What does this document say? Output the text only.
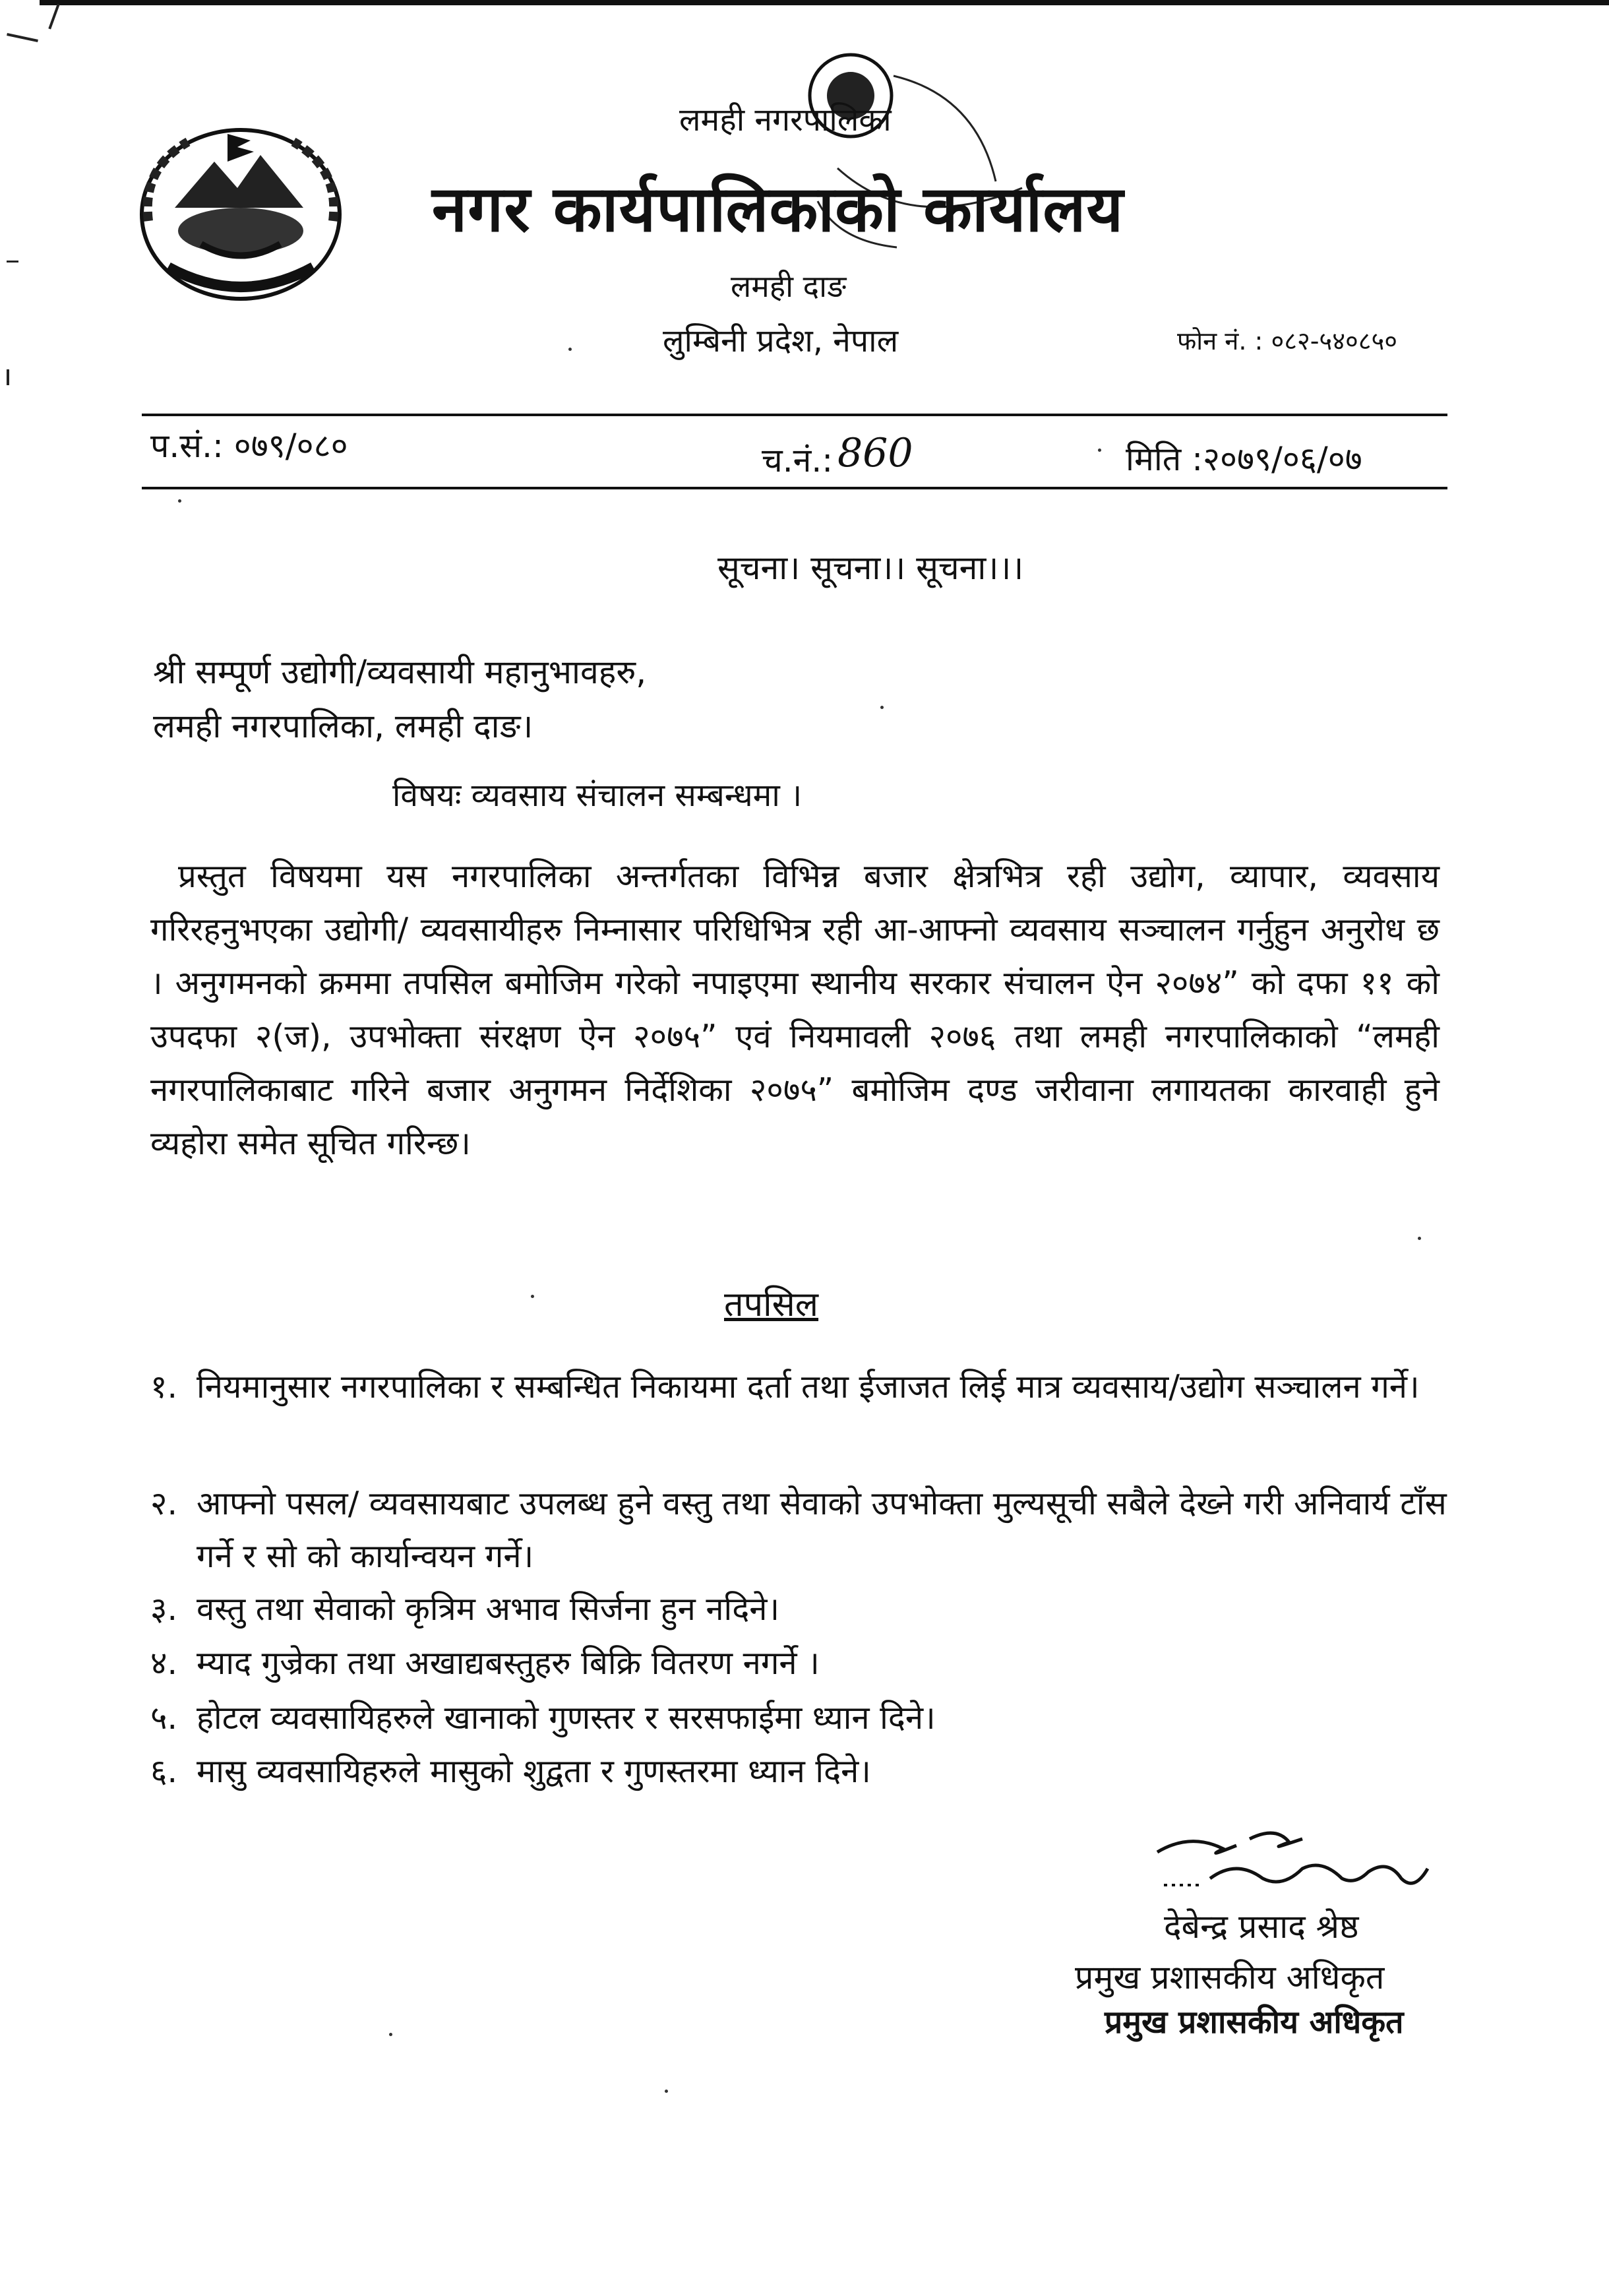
लमही नगरपालिका
नगर कार्यपालिकाको कार्यालय
लमही दाङ
लुम्बिनी प्रदेश, नेपाल	फोन नं. : ०८२-५४०८५०
प.सं.: ०७९/०८०	च.नं.: 860	मिति :२०७९/०६/०७
सूचना। सूचना।। सूचना।।।
श्री सम्पूर्ण उद्योगी/व्यवसायी महानुभावहरु,
लमही नगरपालिका, लमही दाङ।
विषयः व्यवसाय संचालन सम्बन्धमा ।
प्रस्तुत विषयमा यस नगरपालिका अन्तर्गतका विभिन्न बजार क्षेत्रभित्र रही उद्योग, व्यापार, व्यवसाय गरिरहनुभएका उद्योगी/ व्यवसायीहरु निम्नासार परिधिभित्र रही आ-आफ्नो व्यवसाय सञ्चालन गर्नुहुन अनुरोध छ । अनुगमनको क्रममा तपसिल बमोजिम गरेको नपाइएमा स्थानीय सरकार संचालन ऐन २०७४” को दफा ११ को उपदफा २(ज), उपभोक्ता संरक्षण ऐन २०७५” एवं नियमावली २०७६ तथा लमही नगरपालिकाको “लमही नगरपालिकाबाट गरिने बजार अनुगमन निर्देशिका २०७५” बमोजिम दण्ड जरीवाना लगायतका कारवाही हुने व्यहोरा समेत सूचित गरिन्छ।
तपसिल
१. नियमानुसार नगरपालिका र सम्बन्धित निकायमा दर्ता तथा ईजाजत लिई मात्र व्यवसाय/उद्योग सञ्चालन गर्ने।
२. आफ्नो पसल/ व्यवसायबाट उपलब्ध हुने वस्तु तथा सेवाको उपभोक्ता मुल्यसूची सबैले देख्ने गरी अनिवार्य टाँस गर्ने र सो को कार्यान्वयन गर्ने।
३. वस्तु तथा सेवाको कृत्रिम अभाव सिर्जना हुन नदिने।
४. म्याद गुज्रेका तथा अखाद्यबस्तुहरु बिक्रि वितरण नगर्ने ।
५. होटल व्यवसायिहरुले खानाको गुणस्तर र सरसफाईमा ध्यान दिने।
६. मासु व्यवसायिहरुले मासुको शुद्वता र गुणस्तरमा ध्यान दिने।
देबेन्द्र प्रसाद श्रेष्ठ
प्रमुख प्रशासकीय अधिकृत
प्रमुख प्रशासकीय अधिकृत
